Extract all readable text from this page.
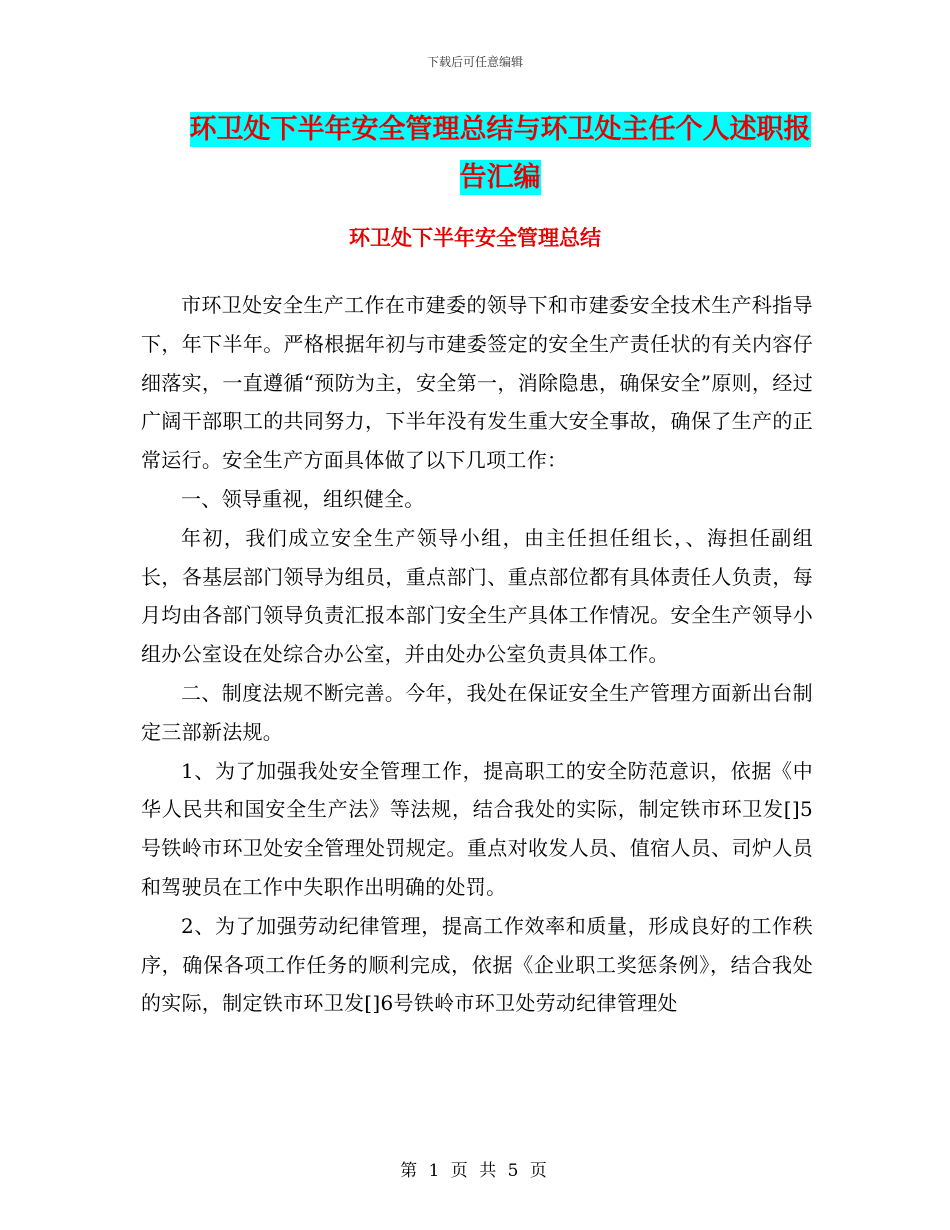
下载后可任意编辑
环卫处下半年安全管理总结与环卫处主任个人述职报
告汇编
环卫处下半年安全管理总结

市环卫处安全生产工作在市建委的领导下和市建委安全技术生产科指导下，年下半年。严格根据年初与市建委签定的安全生产责任状的有关内容仔细落实，一直遵循“预防为主，安全第一，消除隐患，确保安全”原则，经过广阔干部职工的共同努力，下半年没有发生重大安全事故，确保了生产的正常运行。安全生产方面具体做了以下几项工作：

一、领导重视，组织健全。

年初，我们成立安全生产领导小组，由主任担任组长，、海担任副组长，各基层部门领导为组员，重点部门、重点部位都有具体责任人负责，每月均由各部门领导负责汇报本部门安全生产具体工作情况。安全生产领导小组办公室设在处综合办公室，并由处办公室负责具体工作。

二、制度法规不断完善。今年，我处在保证安全生产管理方面新出台制定三部新法规。

1、为了加强我处安全管理工作，提高职工的安全防范意识，依据《中华人民共和国安全生产法》等法规，结合我处的实际，制定铁市环卫发[]5号铁岭市环卫处安全管理处罚规定。重点对收发人员、值宿人员、司炉人员和驾驶员在工作中失职作出明确的处罚。

2、为了加强劳动纪律管理，提高工作效率和质量，形成良好的工作秩序，确保各项工作任务的顺利完成，依据《企业职工奖惩条例》，结合我处的实际，制定铁市环卫发[]6号铁岭市环卫处劳动纪律管理处

第 1 页 共 5 页
